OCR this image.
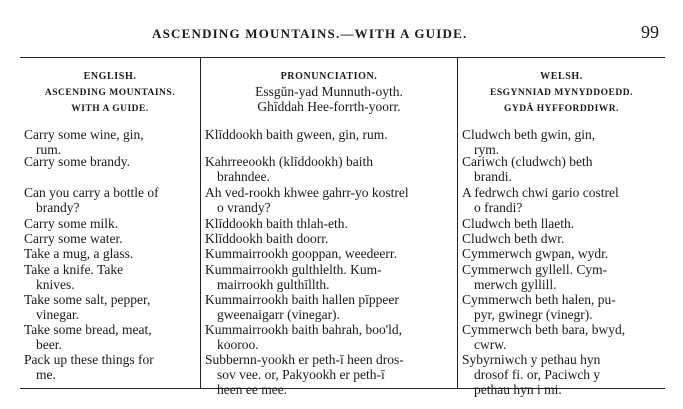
ASCENDING MOUNTAINS.—WITH A GUIDE.	99
ENGLISH.
ASCENDING MOUNTAINS.
WITH A GUIDE.
Carry some wine, gin,
rum.
Carry some brandy.
Can you carry a bottle of
brandy?
Carry some milk.
Carry some water.
Take a mug, a glass.
Take a knife. Take
knives.
Take some salt, pepper,
vinegar.
Take some bread, meat,
beer.
Pack up these things for
me.
PRONUNCIATION.
Essgŭn-yad Munnuth-oyth.
Ghīddah Hee-forrth-yoorr.
Klīddookh baith gween, gin, rum.
Kahrreeookh (klīddookh) baith
brahndee.
Ah ved-rookh khwee gahrr-yo kostrel
o vrandy?
Klīddookh baith thlah-eth.
Klīddookh baith doorr.
Kummairrookh gooppan, weedeerr.
Kummairrookh gulthlelth. Kum-
mairrookh gulthīllth.
Kummairrookh baith hallen pīppeer
gweenaigarr (vinegar).
Kummairrookh baith bahrah, boo'ld,
kooroo.
Subbernn-yookh er peth-ī heen dros-
sov vee. or, Pakyookh er peth-ī
heen ee mee.
WELSH.
ESGYNNIAD MYNYDDOEDD.
GYDÂ HYFFORDDIWR.
Cludwch beth gwin, gin,
rym.
Cariwch (cludwch) beth
brandi.
A fedrwch chwi gario costrel
o frandi?
Cludwch beth llaeth.
Cludwch beth dwr.
Cymmerwch gwpan, wydr.
Cymmerwch gyllell. Cym-
merwch gyllill.
Cymmerwch beth halen, pu-
pyr, gwinegr (vinegr).
Cymmerwch beth bara, bwyd,
cwrw.
Sybyrniwch y pethau hyn
drosof fi. or, Paciwch y
pethau hyn i mi.
